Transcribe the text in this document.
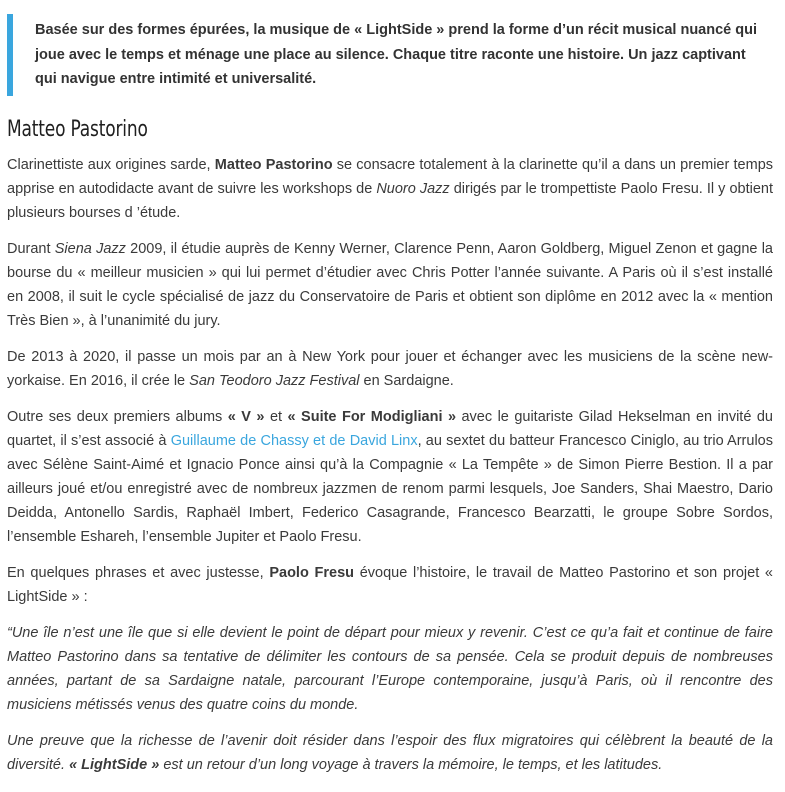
Basée sur des formes épurées, la musique de « LightSide » prend la forme d’un récit musical nuancé qui joue avec le temps et ménage une place au silence. Chaque titre raconte une histoire. Un jazz captivant qui navigue entre intimité et universalité.
Matteo Pastorino

Clarinettiste aux origines sarde, Matteo Pastorino se consacre totalement à la clarinette qu’il a dans un premier temps apprise en autodidacte avant de suivre les workshops de Nuoro Jazz dirigés par le trompettiste Paolo Fresu. Il y obtient plusieurs bourses d ’étude.

Durant Siena Jazz 2009, il étudie auprès de Kenny Werner, Clarence Penn, Aaron Goldberg, Miguel Zenon et gagne la bourse du « meilleur musicien » qui lui permet d’étudier avec Chris Potter l’année suivante. A Paris où il s’est installé en 2008, il suit le cycle spécialisé de jazz du Conservatoire de Paris et obtient son diplôme en 2012 avec la « mention Très Bien », à l’unanimité du jury.

De 2013 à 2020, il passe un mois par an à New York pour jouer et échanger avec les musiciens de la scène new-yorkaise. En 2016, il crée le San Teodoro Jazz Festival en Sardaigne.

Outre ses deux premiers albums « V » et « Suite For Modigliani » avec le guitariste Gilad Hekselman en invité du quartet, il s’est associé à Guillaume de Chassy et de David Linx, au sextet du batteur Francesco Ciniglo, au trio Arrulos avec Sélène Saint-Aimé et Ignacio Ponce ainsi qu’à la Compagnie « La Tempête » de Simon Pierre Bestion. Il a par ailleurs joué et/ou enregistré avec de nombreux jazzmen de renom parmi lesquels, Joe Sanders, Shai Maestro, Dario Deidda, Antonello Sardis, Raphaël Imbert, Federico Casagrande, Francesco Bearzatti, le groupe Sobre Sordos, l’ensemble Eshareh, l’ensemble Jupiter et Paolo Fresu.

En quelques phrases et avec justesse, Paolo Fresu évoque l’histoire, le travail de Matteo Pastorino et son projet « LightSide » :

“Une île n’est une île que si elle devient le point de départ pour mieux y revenir. C’est ce qu’a fait et continue de faire Matteo Pastorino dans sa tentative de délimiter les contours de sa pensée. Cela se produit depuis de nombreuses années, partant de sa Sardaigne natale, parcourant l’Europe contemporaine, jusqu’à Paris, où il rencontre des musiciens métissés venus des quatre coins du monde.

Une preuve que la richesse de l’avenir doit résider dans l’espoir des flux migratoires qui célèbrent la beauté de la diversité. « LightSide » est un retour d’un long voyage à travers la mémoire, le temps, et les latitudes.
